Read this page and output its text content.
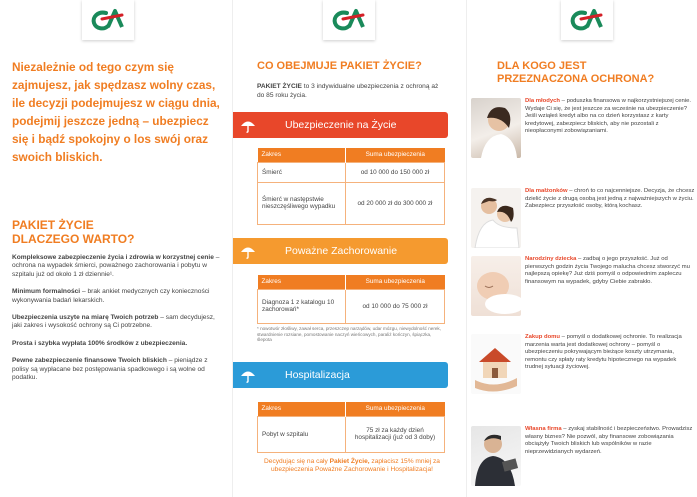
Niezależnie od tego czym się zajmujesz, jak spędzasz wolny czas, ile decyzji podejmujesz w ciągu dnia, podejmij jeszcze jedną – ubezpiecz się i bądź spokojny o los swój oraz swoich bliskich.
PAKIET ŻYCIE
DLACZEGO WARTO?

Kompleksowe zabezpieczenie życia i zdrowia w korzystnej cenie – ochrona na wypadek śmierci, poważnego zachorowania i pobytu w szpitalu już od około 1 zł dziennie¹.

Minimum formalności – brak ankiet medycznych czy konieczności wykonywania badań lekarskich.

Ubezpieczenia uszyte na miarę Twoich potrzeb – sam decydujesz, jaki zakres i wysokość ochrony są Ci potrzebne.

Prosta i szybka wypłata 100% środków z ubezpieczenia.

Pewne zabezpieczenie finansowe Twoich bliskich – pieniądze z polisy są wypłacane bez postępowania spadkowego i są wolne od podatku.

CO OBEJMUJE PAKIET ŻYCIE?
PAKIET ŻYCIE to 3 indywidualne ubezpieczenia z ochroną aż do 85 roku życia.
Ubezpieczenie na Życie
Zakres	Suma ubezpieczenia
Śmierć	od 10 000 do 150 000 zł
Śmierć w następstwie nieszczęśliwego wypadku	od 20 000 zł do 300 000 zł
Poważne Zachorowanie
Zakres	Suma ubezpieczenia
Diagnoza 1 z katalogu 10 zachorowań*	od 10 000 do 75 000 zł
* nowotwór złośliwy, zawał serca, przeszczep narządów, udar mózgu, niewydolność nerek, stwardnienie rozsiane, pomostowanie naczyń wieńcowych, paraliż kończyn, śpiączka, ślepota
Hospitalizacja
Zakres	Suma ubezpieczenia
Pobyt w szpitalu	75 zł za każdy dzień hospitalizacji (już od 3 doby)
Decydując się na cały Pakiet Życie, zapłacisz 15% mniej za ubezpieczenia Poważne Zachorowanie i Hospitalizacja!
DLA KOGO JEST
PRZEZNACZONA OCHRONA?
Dla młodych – poduszka finansowa w najkorzystniejszej cenie. Wydaje Ci się, że jest jeszcze za wcześnie na ubezpieczenie? Jeśli wziąłeś kredyt albo na co dzień korzystasz z karty kredytowej, zabezpiecz bliskich, aby nie pozostali z nieopłaconymi zobowiązaniami.
Dla małżonków – chroń to co najcenniejsze. Decyzja, że chcesz dzielić życie z drugą osobą jest jedną z najważniejszych w życiu. Zabezpiecz przyszłość osoby, którą kochasz.
Narodziny dziecka – zadbaj o jego przyszłość. Już od pierwszych godzin życia Twojego malucha chcesz stworzyć mu najlepszą opiekę? Już dziś pomyśl o odpowiednim zapleczu finansowym na wypadek, gdyby Ciebie zabrakło.
Zakup domu – pomyśl o dodatkowej ochronie. To realizacja marzenia warta jest dodatkowej ochrony – pomyśl o ubezpieczeniu pokrywającym bieżące koszty utrzymania, remontu czy spłaty raty kredytu hipotecznego na wypadek trudnej sytuacji życiowej.
Własna firma – zyskaj stabilność i bezpieczeństwo. Prowadzisz własny biznes? Nie pozwól, aby finansowe zobowiązania obciążyły Twoich bliskich lub wspólników w razie nieprzewidzianych wydarzeń.
